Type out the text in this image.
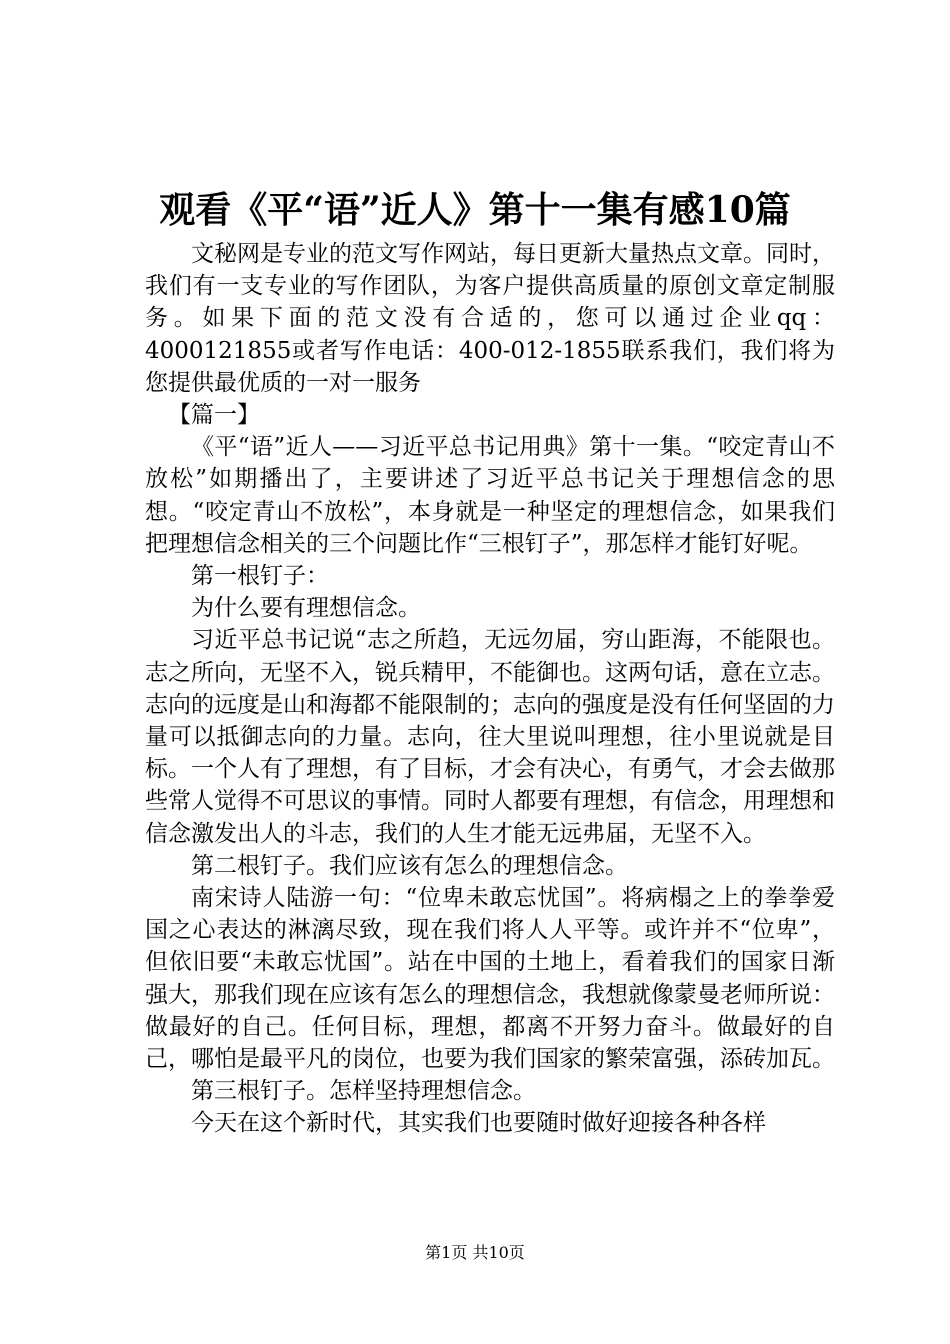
观看《平“语”近人》第十一集有感10篇

文秘网是专业的范文写作网站，每日更新大量热点文章。同时，我们有一支专业的写作团队，为客户提供高质量的原创文章定制服务。如果下面的范文没有合适的，您可以通过企业qq：4000121855或者写作电话：400-012-1855联系我们，我们将为您提供最优质的一对一服务

【篇一】

《平“语”近人——习近平总书记用典》第十一集。“咬定青山不放松”如期播出了，主要讲述了习近平总书记关于理想信念的思想。“咬定青山不放松”，本身就是一种坚定的理想信念，如果我们把理想信念相关的三个问题比作“三根钉子”，那怎样才能钉好呢。

第一根钉子：

为什么要有理想信念。

习近平总书记说“志之所趋，无远勿届，穷山距海，不能限也。志之所向，无坚不入，锐兵精甲，不能御也。这两句话，意在立志。志向的远度是山和海都不能限制的；志向的强度是没有任何坚固的力量可以抵御志向的力量。志向，往大里说叫理想，往小里说就是目标。一个人有了理想，有了目标，才会有决心，有勇气，才会去做那些常人觉得不可思议的事情。同时人都要有理想，有信念，用理想和信念激发出人的斗志，我们的人生才能无远弗届，无坚不入。

第二根钉子。我们应该有怎么的理想信念。

南宋诗人陆游一句：“位卑未敢忘忧国”。将病榻之上的拳拳爱国之心表达的淋漓尽致，现在我们将人人平等。或许并不“位卑”，但依旧要“未敢忘忧国”。站在中国的土地上，看着我们的国家日渐强大，那我们现在应该有怎么的理想信念，我想就像蒙曼老师所说：做最好的自己。任何目标，理想，都离不开努力奋斗。做最好的自己，哪怕是最平凡的岗位，也要为我们国家的繁荣富强，添砖加瓦。

第三根钉子。怎样坚持理想信念。

今天在这个新时代，其实我们也要随时做好迎接各种各样

第1页 共10页
